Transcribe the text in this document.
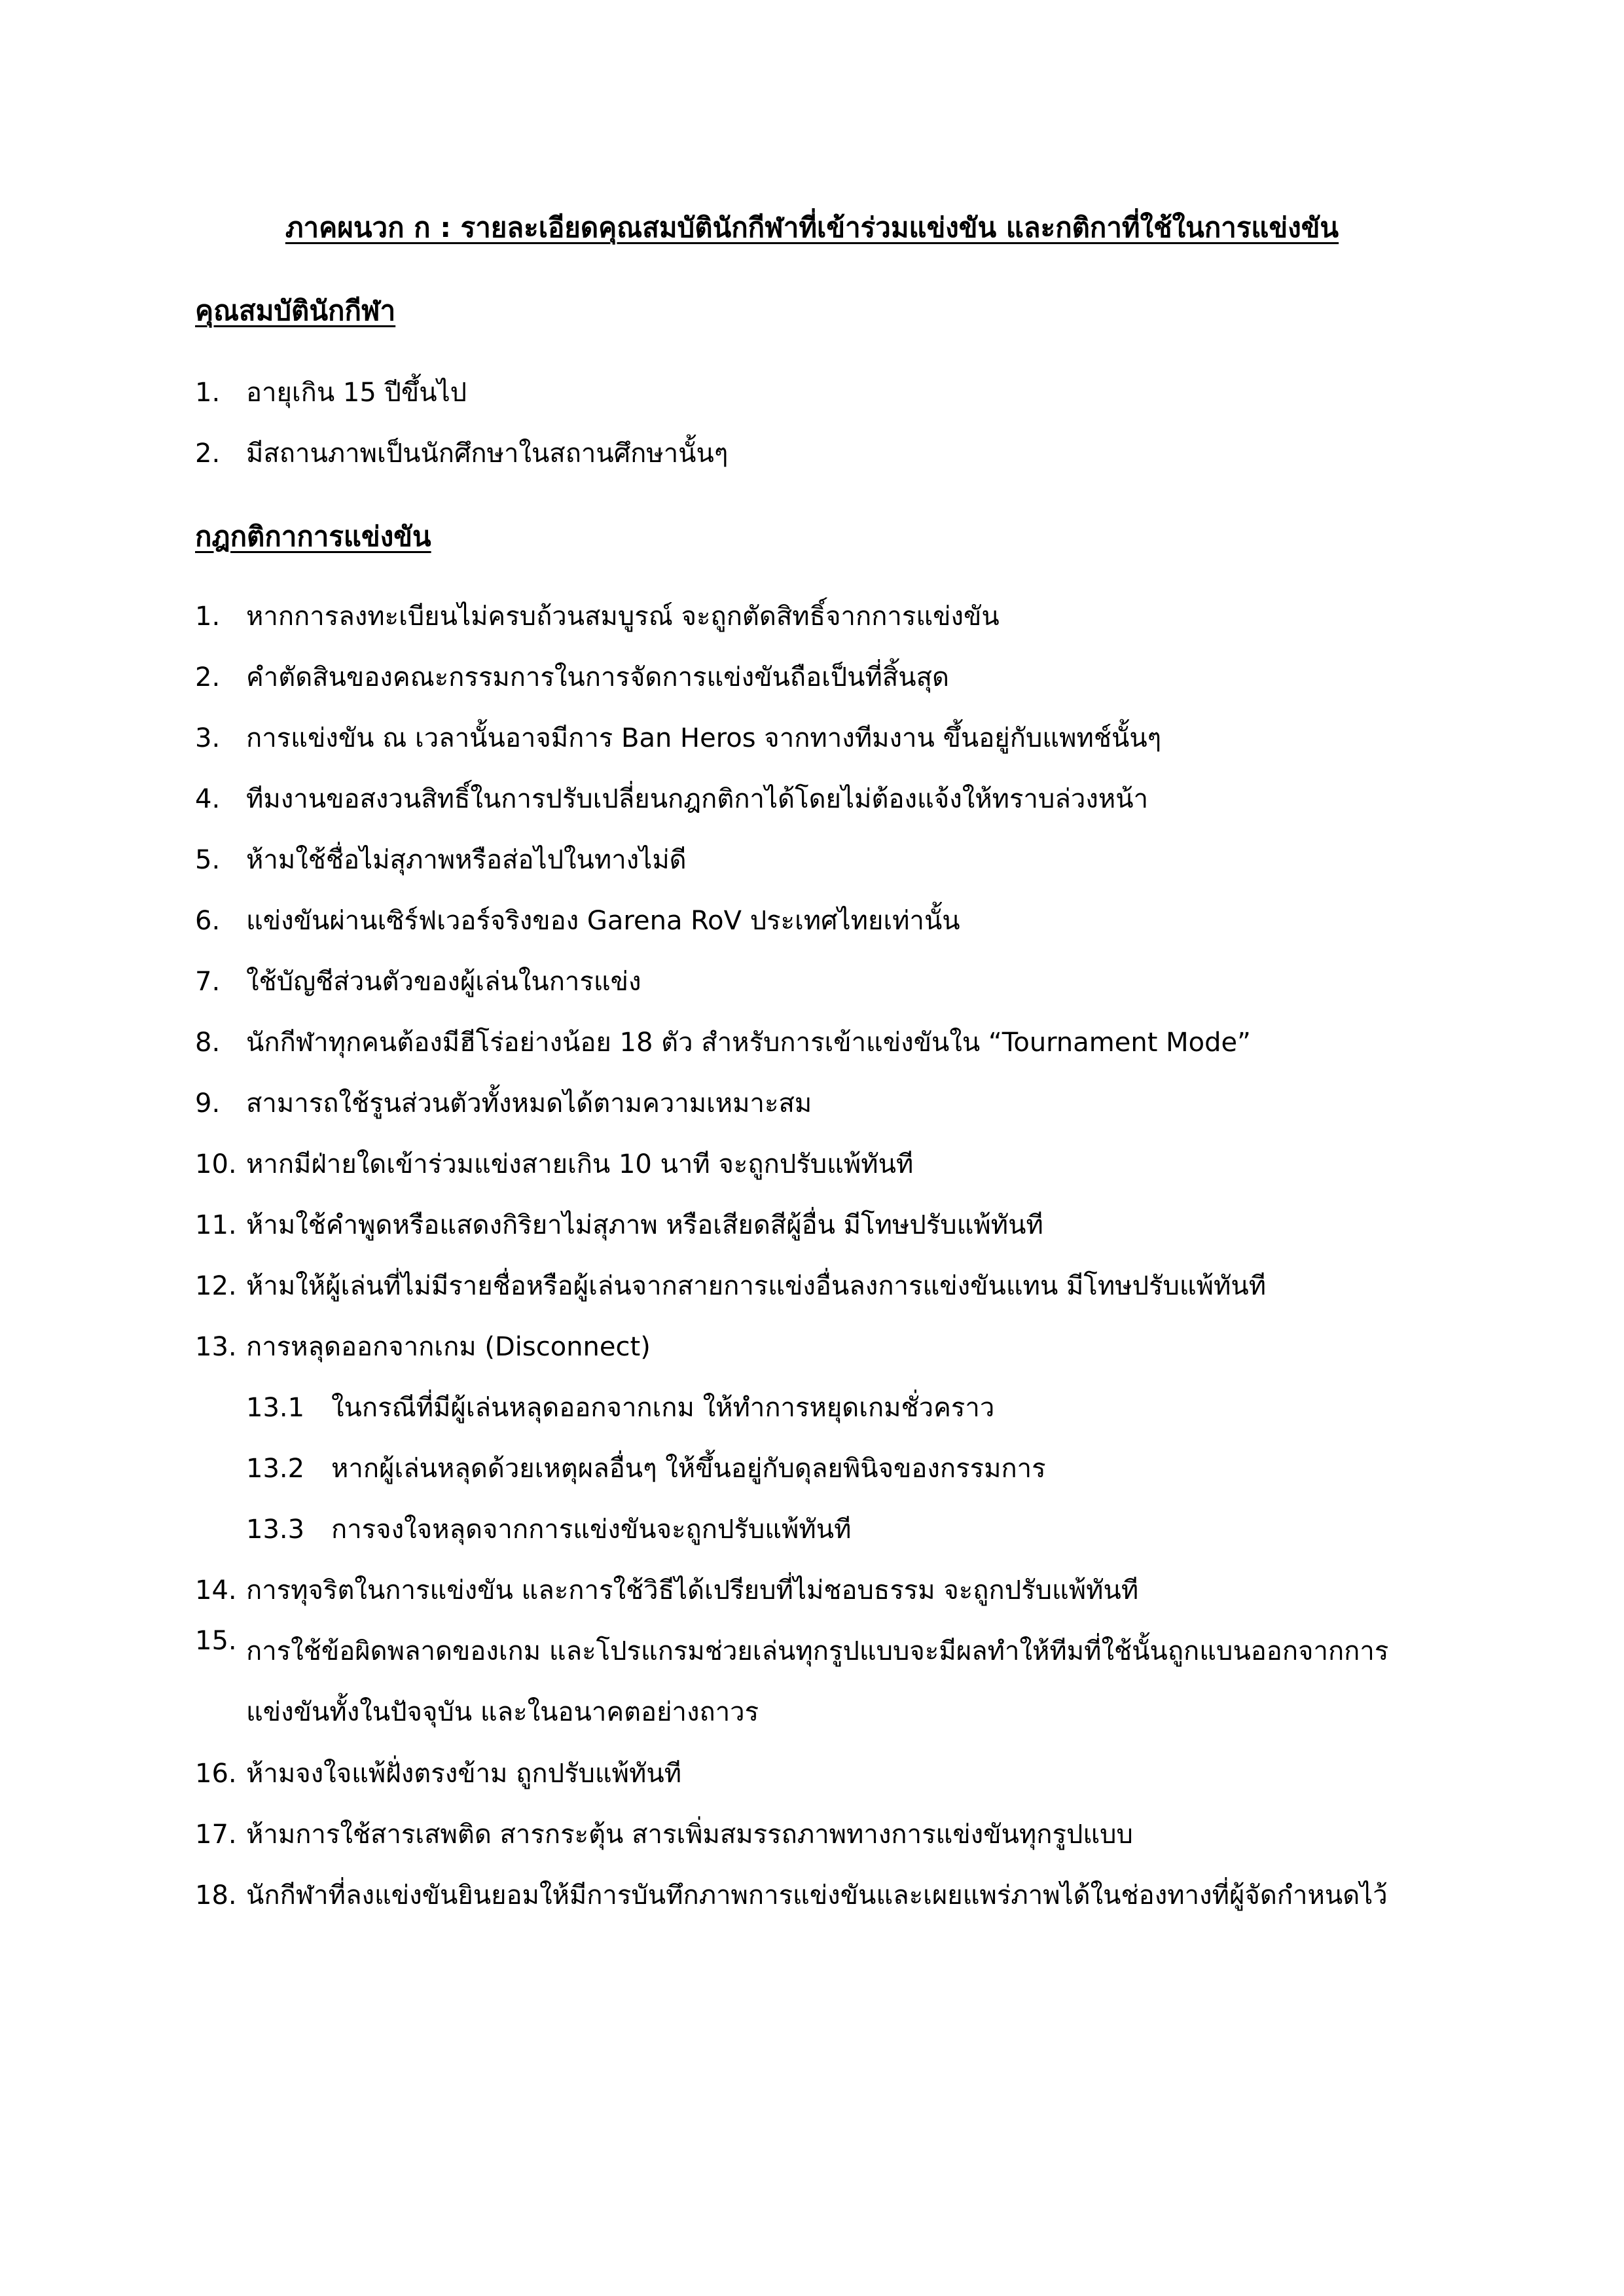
ภาคผนวก ก : รายละเอียดคุณสมบัตินักกีฬาที่เข้าร่วมแข่งขัน และกติกาที่ใช้ในการแข่งขัน
คุณสมบัตินักกีฬา
1. อายุเกิน 15 ปีขึ้นไป
2. มีสถานภาพเป็นนักศึกษาในสถานศึกษานั้นๆ
กฎกติกาการแข่งขัน
1. หากการลงทะเบียนไม่ครบถ้วนสมบูรณ์ จะถูกตัดสิทธิ์จากการแข่งขัน
2. คำตัดสินของคณะกรรมการในการจัดการแข่งขันถือเป็นที่สิ้นสุด
3. การแข่งขัน ณ เวลานั้นอาจมีการ Ban Heros จากทางทีมงาน ขึ้นอยู่กับแพทช์นั้นๆ
4. ทีมงานขอสงวนสิทธิ์ในการปรับเปลี่ยนกฎกติกาได้โดยไม่ต้องแจ้งให้ทราบล่วงหน้า
5. ห้ามใช้ชื่อไม่สุภาพหรือส่อไปในทางไม่ดี
6. แข่งขันผ่านเซิร์ฟเวอร์จริงของ Garena RoV ประเทศไทยเท่านั้น
7. ใช้บัญชีส่วนตัวของผู้เล่นในการแข่ง
8. นักกีฬาทุกคนต้องมีฮีโร่อย่างน้อย 18 ตัว สำหรับการเข้าแข่งขันใน “Tournament Mode”
9. สามารถใช้รูนส่วนตัวทั้งหมดได้ตามความเหมาะสม
10. หากมีฝ่ายใดเข้าร่วมแข่งสายเกิน 10 นาที จะถูกปรับแพ้ทันที
11. ห้ามใช้คำพูดหรือแสดงกิริยาไม่สุภาพ หรือเสียดสีผู้อื่น มีโทษปรับแพ้ทันที
12. ห้ามให้ผู้เล่นที่ไม่มีรายชื่อหรือผู้เล่นจากสายการแข่งอื่นลงการแข่งขันแทน มีโทษปรับแพ้ทันที
13. การหลุดออกจากเกม (Disconnect)
13.1 ในกรณีที่มีผู้เล่นหลุดออกจากเกม ให้ทำการหยุดเกมชั่วคราว
13.2 หากผู้เล่นหลุดด้วยเหตุผลอื่นๆ ให้ขึ้นอยู่กับดุลยพินิจของกรรมการ
13.3 การจงใจหลุดจากการแข่งขันจะถูกปรับแพ้ทันที
14. การทุจริตในการแข่งขัน และการใช้วิธีได้เปรียบที่ไม่ชอบธรรม จะถูกปรับแพ้ทันที
15. การใช้ข้อผิดพลาดของเกม และโปรแกรมช่วยเล่นทุกรูปแบบจะมีผลทำให้ทีมที่ใช้นั้นถูกแบนออกจากการแข่งขันทั้งในปัจจุบัน และในอนาคตอย่างถาวร
16. ห้ามจงใจแพ้ฝั่งตรงข้าม ถูกปรับแพ้ทันที
17. ห้ามการใช้สารเสพติด สารกระตุ้น สารเพิ่มสมรรถภาพทางการแข่งขันทุกรูปแบบ
18. นักกีฬาที่ลงแข่งขันยินยอมให้มีการบันทึกภาพการแข่งขันและเผยแพร่ภาพได้ในช่องทางที่ผู้จัดกำหนดไว้
